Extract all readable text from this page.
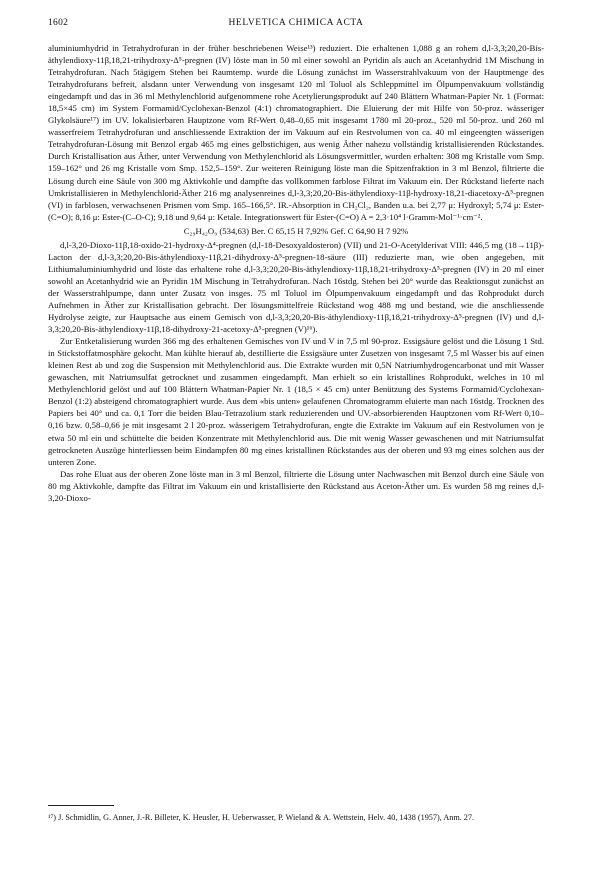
1602	HELVETICA CHIMICA ACTA

aluminiumhydrid in Tetrahydrofuran in der früher beschriebenen Weise¹³) reduziert. Die erhaltenen 1,088 g an rohem d,l-3,3;20,20-Bis-äthylendioxy-11β,18,21-trihydroxy-Δ⁵-pregnen (IV) löste man in 50 ml einer sowohl an Pyridin als auch an Acetanhydrid 1M Mischung in Tetrahydrofuran. Nach 5tägigem Stehen bei Raumtemp. wurde die Lösung zunächst im Wasserstrahlvakuum von der Hauptmenge des Tetrahydrofurans befreit, alsdann unter Verwendung von insgesamt 120 ml Toluol als Schleppmittel im Ölpumpenvakuum vollständig eingedampft und das in 36 ml Methylenchlorid aufgenommene rohe Acetylierungsprodukt auf 240 Blättern Whatman-Papier Nr. 1 (Format: 18,5×45 cm) im System Formamid/Cyclohexan-Benzol (4:1) chromatographiert. Die Eluierung der mit Hilfe von 50-proz. wässeriger Glykolsäure¹⁷) im UV. lokalisierbaren Hauptzone vom Rf-Wert 0,48–0,65 mit insgesamt 1780 ml 20-proz., 520 ml 50-proz. und 260 ml wasserfreiem Tetrahydrofuran und anschliessende Extraktion der im Vakuum auf ein Restvolumen von ca. 40 ml eingeengten wässerigen Tetrahydrofuran-Lösung mit Benzol ergab 465 mg eines gelbstichigen, aus wenig Äther nahezu vollständig kristallisierenden Rückstandes. Durch Kristallisation aus Äther, unter Verwendung von Methylenchlorid als Lösungsvermittler, wurden erhalten: 308 mg Kristalle vom Smp. 159–162° und 26 mg Kristalle vom Smp. 152,5–159°. Zur weiteren Reinigung löste man die Spitzenfraktion in 3 ml Benzol, filtrierte die Lösung durch eine Säule von 300 mg Aktivkohle und dampfte das vollkommen farblose Filtrat im Vakuum ein. Der Rückstand lieferte nach Umkristallisieren in Methylenchlorid-Äther 216 mg analysenreines d,l-3,3;20,20-Bis-äthylendioxy-11β-hydroxy-18,21-diacetoxy-Δ⁵-pregnen (VI) in farblosen, verwachsenen Prismen vom Smp. 165–166,5°. IR.-Absorption in CH₂Cl₂, Banden u.a. bei 2,77 μ: Hydroxyl; 5,74 μ: Ester-(C=O); 8,16 μ: Ester-(C–O-C); 9,18 und 9,64 μ: Ketale. Integrationswert für Ester-(C=O) A = 2,3·10⁴ l·Gramm-Mol⁻¹·cm⁻².

C₂₉H₄₂O₉ (534,63) Ber. C 65,15 H 7,92% Gef. C 64,90 H 7 92%

d,l-3,20-Dioxo-11β,18-oxido-21-hydroxy-Δ⁴-pregnen (d,l-18-Desoxyaldosteron) (VII) und 21-O-Acetylderivat VIII: 446,5 mg (18→11β)-Lacton der d,l-3,3;20,20-Bis-äthylendioxy-11β,21-dihydroxy-Δ⁵-pregnen-18-säure (III) reduzierte man, wie oben angegeben, mit Lithiumaluminiumhydrid und löste das erhaltene rohe d,l-3,3;20,20-Bis-äthylendioxy-11β,18,21-trihydroxy-Δ⁵-pregnen (IV) in 20 ml einer sowohl an Acetanhydrid wie an Pyridin 1M Mischung in Tetrahydrofuran. Nach 16stdg. Stehen bei 20° wurde das Reaktionsgut zunächst an der Wasserstrahlpumpe, dann unter Zusatz von insges. 75 ml Toluol im Ölpumpenvakuum eingedampft und das Rohprodukt durch Aufnehmen in Äther zur Kristallisation gebracht. Der lösungsmittelfreie Rückstand wog 488 mg und bestand, wie die anschliessende Hydrolyse zeigte, zur Hauptsache aus einem Gemisch von d,l-3,3;20,20-Bis-äthylendioxy-11β,18,21-trihydroxy-Δ⁵-pregnen (IV) und d,l-3,3;20,20-Bis-äthylendioxy-11β,18-dihydroxy-21-acetoxy-Δ⁵-pregnen (V)¹⁶).

Zur Entketalisierung wurden 366 mg des erhaltenen Gemisches von IV und V in 7,5 ml 90-proz. Essigsäure gelöst und die Lösung 1 Std. in Stickstoffatmosphäre gekocht. Man kühlte hierauf ab, destillierte die Essigsäure unter Zusetzen von insgesamt 7,5 ml Wasser bis auf einen kleinen Rest ab und zog die Suspension mit Methylenchlorid aus. Die Extrakte wurden mit 0,5N Natriumhydrogencarbonat und mit Wasser gewaschen, mit Natriumsulfat getrocknet und zusammen eingedampft. Man erhielt so ein kristallines Rohprodukt, welches in 10 ml Methylenchlorid gelöst und auf 100 Blättern Whatman-Papier Nr. 1 (18,5 × 45 cm) unter Benützung des Systems Formamid/Cyclohexan-Benzol (1:2) absteigend chromatographiert wurde. Aus dem «bis unten» gelaufenen Chromatogramm eluierte man nach 16stdg. Trocknen des Papiers bei 40° und ca. 0,1 Torr die beiden Blau-Tetrazolium stark reduzierenden und UV.-absorbierenden Hauptzonen vom Rf-Wert 0,10–0,16 bzw. 0,58–0,66 je mit insgesamt 2 l 20-proz. wässerigem Tetrahydrofuran, engte die Extrakte im Vakuum auf ein Restvolumen von je etwa 50 ml ein und schüttelte die beiden Konzentrate mit Methylenchlorid aus. Die mit wenig Wasser gewaschenen und mit Natriumsulfat getrockneten Auszüge hinterliessen beim Eindampfen 80 mg eines kristallinen Rückstandes aus der oberen und 93 mg eines solchen aus der unteren Zone.

Das rohe Eluat aus der oberen Zone löste man in 3 ml Benzol, filtrierte die Lösung unter Nachwaschen mit Benzol durch eine Säule von 80 mg Aktivkohle, dampfte das Filtrat im Vakuum ein und kristallisierte den Rückstand aus Aceton-Äther um. Es wurden 58 mg reines d,l-3,20-Dioxo-

¹⁷) J. Schmidlin, G. Anner, J.-R. Billeter, K. Heusler, H. Ueberwasser, P. Wieland & A. Wettstein, Helv. 40, 1438 (1957), Anm. 27.
